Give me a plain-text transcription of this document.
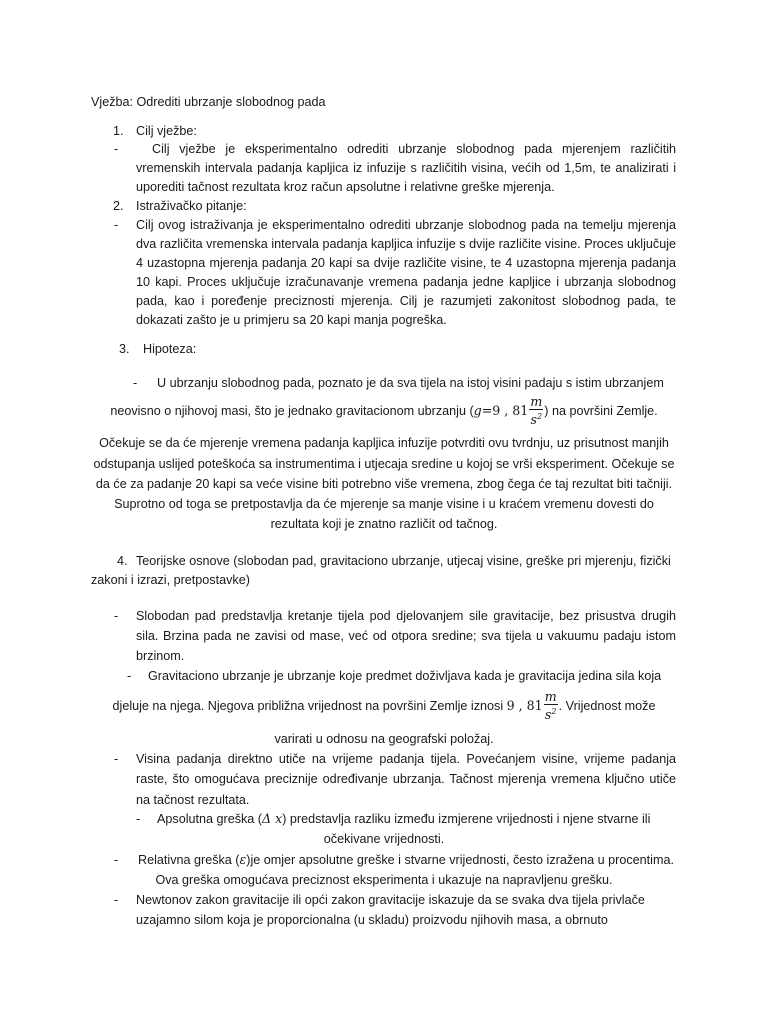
Vježba: Odrediti ubrzanje slobodnog pada
1. Cilj vježbe:
-	Cilj vježbe je eksperimentalno odrediti ubrzanje slobodnog pada mjerenjem različitih
vremenskih intervala padanja kapljica iz infuzije s različitih visina, većih od 1,5m, te analizirati i
uporediti tačnost rezultata kroz račun apsolutne i relativne greške mjerenja.
2. Istraživačko pitanje:
- Cilj ovog istraživanja je eksperimentalno odrediti ubrzanje slobodnog pada na temelju mjerenja
dva različita vremenska intervala padanja kapljica infuzije s dvije različite visine. Proces uključuje
4 uzastopna mjerenja padanja 20 kapi sa dvije različite visine, te 4 uzastopna mjerenja padanja
10 kapi. Proces uključuje izračunavanje vremena padanja jedne kapljice i ubrzanja slobodnog
pada, kao i poređenje preciznosti mjerenja. Cilj je razumjeti zakonitost slobodnog pada, te
dokazati zašto je u primjeru sa 20 kapi manja pogreška.
3. Hipoteza:
- U ubrzanju slobodnog pada, poznato je da sva tijela na istoj visini padaju s istim ubrzanjem
neovisno o njihovoj masi, što je jednako gravitacionom ubrzanju (g=9 , $81 \frac{m}{s^2}$ ) na površini Zemlje.
Očekuje se da će mjerenje vremena padanja kapljica infuzije potvrditi ovu tvrdnju, uz prisutnost manjih
odstupanja uslijed poteškoća sa instrumentima i utjecaja sredine u kojoj se vrši eksperiment. Očekuje se
da će za padanje 20 kapi sa veće visine biti potrebno više vremena, zbog čega će taj rezultat biti tačniji.
Suprotno od toga se pretpostavlja da će mjerenje sa manje visine i u kraćem vremenu dovesti do
rezultata koji je znatno različit od tačnog.
4. Teorijske osnove (slobodan pad, gravitaciono ubrzanje, utjecaj visine, greške pri mjerenju, fizički
zakoni i izrazi, pretpostavke)
- Slobodan pad predstavlja kretanje tijela pod djelovanjem sile gravitacije, bez prisustva drugih
sila. Brzina pada ne zavisi od mase, već od otpora sredine; sva tijela u vakuumu padaju istom
brzinom.
- Gravitaciono ubrzanje je ubrzanje koje predmet doživljava kada je gravitacija jedina sila koja
djeluje na njega. Njegova približna vrijednost na površini Zemlje iznosi 9 , $81 \frac{m}{s^2}$ . Vrijednost može
varirati u odnosu na geografski položaj.
- Visina padanja direktno utiče na vrijeme padanja tijela. Povećanjem visine, vrijeme padanja
raste, što omogućava preciznije određivanje ubrzanja. Tačnost mjerenja vremena ključno utiče
na tačnost rezultata.
- Apsolutna greška (Δ x) predstavlja razliku između izmjerene vrijednosti i njene stvarne ili
očekivane vrijednosti.
- Relativna greška (ε)je omjer apsolutne greške i stvarne vrijednosti, često izražena u procentima.
Ova greška omogućava preciznost eksperimenta i ukazuje na napravljenu grešku.
- Newtonov zakon gravitacije ili opći zakon gravitacije iskazuje da se svaka dva tijela privlače
uzajamno silom koja je proporcionalna (u skladu) proizvodu njihovih masa, a obrnuto
